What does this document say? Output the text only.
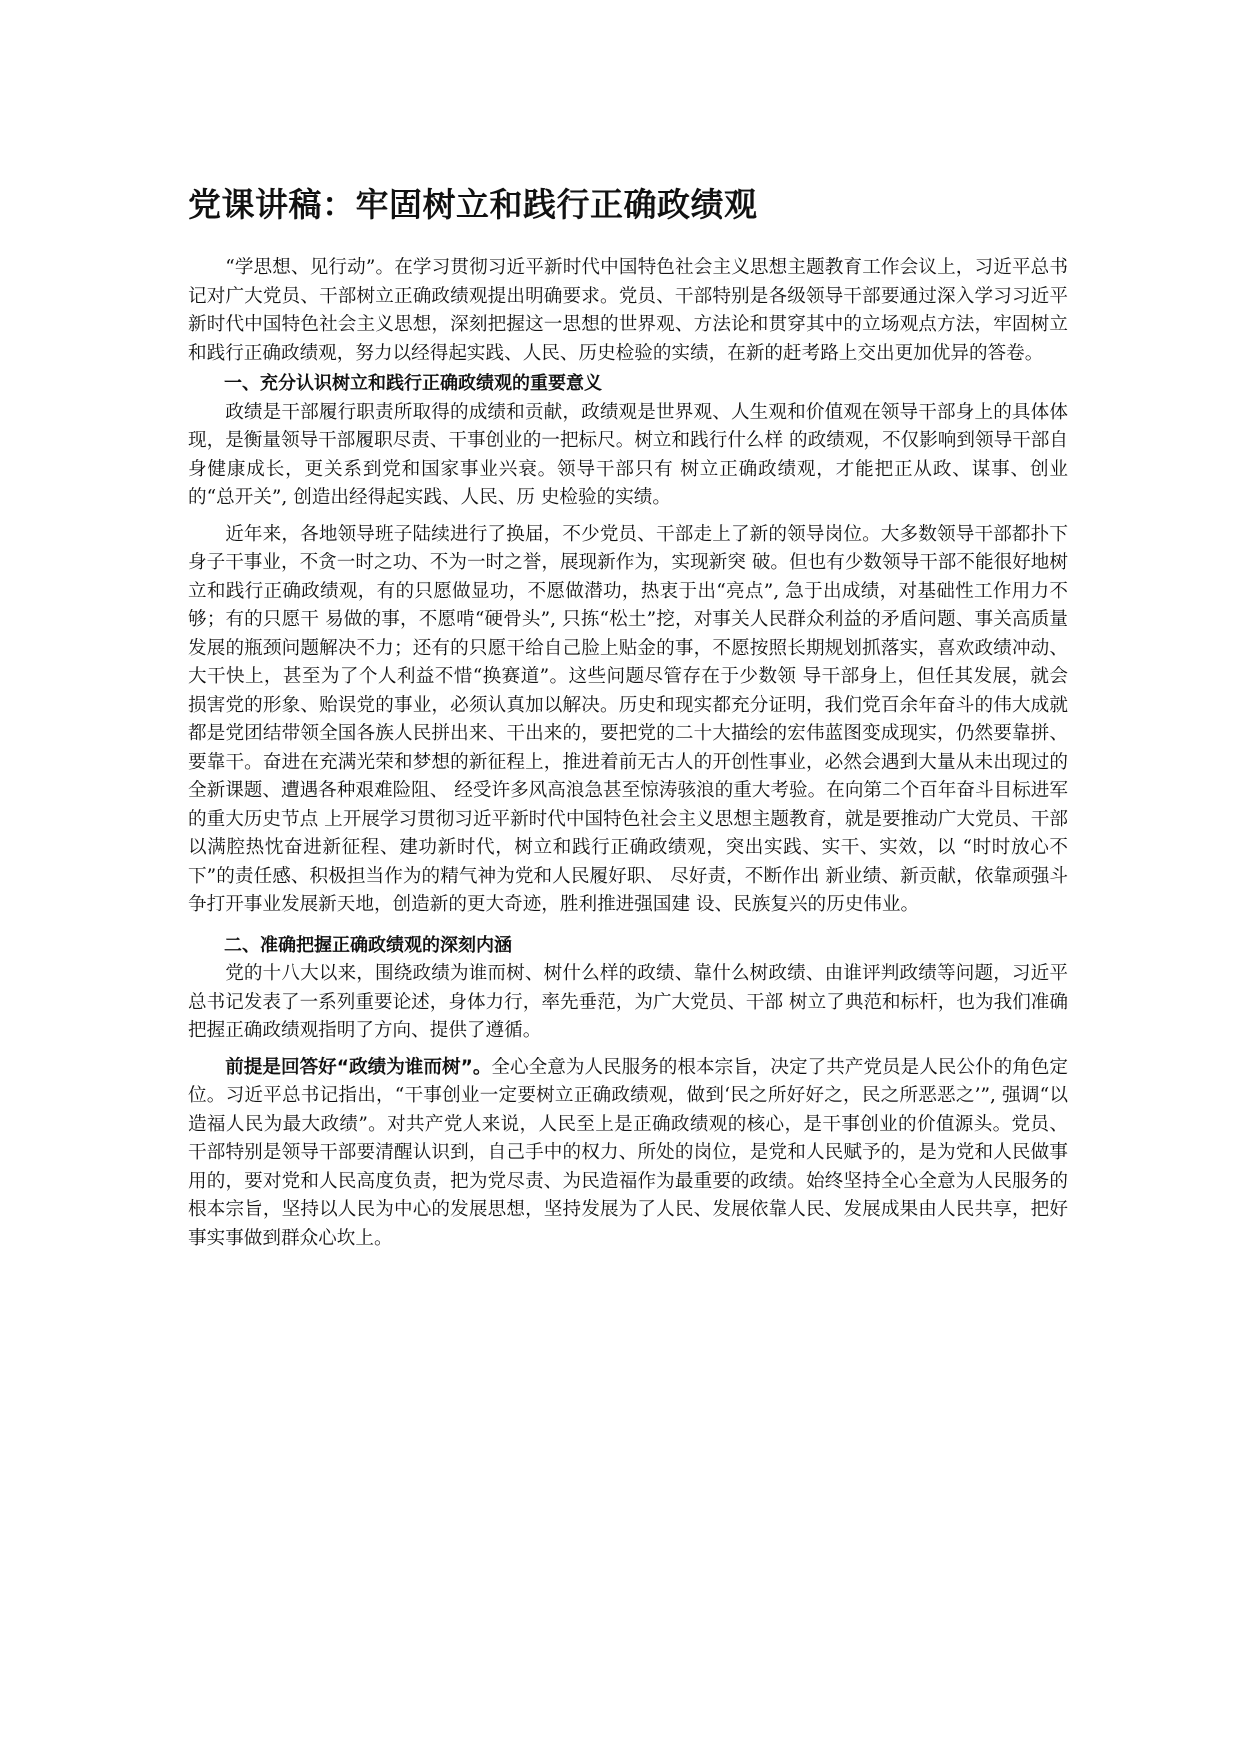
党课讲稿：牢固树立和践行正确政绩观

“学思想、见行动”。在学习贯彻习近平新时代中国特色社会主义思想主题教育工作会议上，习近平总书记对广大党员、干部树立正确政绩观提出明确要求。党员、干部特别是各级领导干部要通过深入学习习近平新时代中国特色社会主义思想，深刻把握这一思想的世界观、方法论和贯穿其中的立场观点方法，牢固树立和践行正确政绩观，努力以经得起实践、人民、历史检验的实绩，在新的赶考路上交出更加优异的答卷。

一、充分认识树立和践行正确政绩观的重要意义

政绩是干部履行职责所取得的成绩和贡献，政绩观是世界观、人生观和价值观在领导干部身上的具体体现，是衡量领导干部履职尽责、干事创业的一把标尺。树立和践行什么样 的政绩观，不仅影响到领导干部自身健康成长，更关系到党和国家事业兴衰。领导干部只有 树立正确政绩观，才能把正从政、谋事、创业的“总开关”, 创造出经得起实践、人民、历 史检验的实绩。

近年来，各地领导班子陆续进行了换届，不少党员、干部走上了新的领导岗位。大多数领导干部都扑下身子干事业，不贪一时之功、不为一时之誉，展现新作为，实现新突 破。但也有少数领导干部不能很好地树立和践行正确政绩观，有的只愿做显功，不愿做潜功，热衷于出“亮点”, 急于出成绩，对基础性工作用力不够；有的只愿干 易做的事，不愿啃“硬骨头”, 只拣“松土”挖，对事关人民群众利益的矛盾问题、事关高质量发展的瓶颈问题解决不力；还有的只愿干给自己脸上贴金的事，不愿按照长期规划抓落实，喜欢政绩冲动、大干快上，甚至为了个人利益不惜“换赛道”。这些问题尽管存在于少数领 导干部身上，但任其发展，就会损害党的形象、贻误党的事业，必须认真加以解决。历史和现实都充分证明，我们党百余年奋斗的伟大成就都是党团结带领全国各族人民拼出来、干出来的，要把党的二十大描绘的宏伟蓝图变成现实，仍然要靠拼、要靠干。奋进在充满光荣和梦想的新征程上，推进着前无古人的开创性事业，必然会遇到大量从未出现过的全新课题、遭遇各种艰难险阻、 经受许多风高浪急甚至惊涛骇浪的重大考验。在向第二个百年奋斗目标进军的重大历史节点 上开展学习贯彻习近平新时代中国特色社会主义思想主题教育，就是要推动广大党员、干部 以满腔热忱奋进新征程、建功新时代，树立和践行正确政绩观，突出实践、实干、实效，以 “时时放心不下”的责任感、积极担当作为的精气神为党和人民履好职、 尽好责，不断作出 新业绩、新贡献，依靠顽强斗争打开事业发展新天地，创造新的更大奇迹，胜利推进强国建 设、民族复兴的历史伟业。

二、准确把握正确政绩观的深刻内涵

党的十八大以来，围绕政绩为谁而树、树什么样的政绩、靠什么树政绩、由谁评判政绩等问题，习近平总书记发表了一系列重要论述，身体力行，率先垂范，为广大党员、干部 树立了典范和标杆，也为我们准确把握正确政绩观指明了方向、提供了遵循。

前提是回答好“政绩为谁而树”。全心全意为人民服务的根本宗旨，决定了共产党员是人民公仆的角色定位。习近平总书记指出，“干事创业一定要树立正确政绩观，做到‘民之所好好之，民之所恶恶之’”, 强调“以造福人民为最大政绩”。对共产党人来说，人民至上是正确政绩观的核心，是干事创业的价值源头。党员、干部特别是领导干部要清醒认识到，自己手中的权力、所处的岗位，是党和人民赋予的，是为党和人民做事用的，要对党和人民高度负责，把为党尽责、为民造福作为最重要的政绩。始终坚持全心全意为人民服务的根本宗旨，坚持以人民为中心的发展思想，坚持发展为了人民、发展依靠人民、发展成果由人民共享，把好事实事做到群众心坎上。
